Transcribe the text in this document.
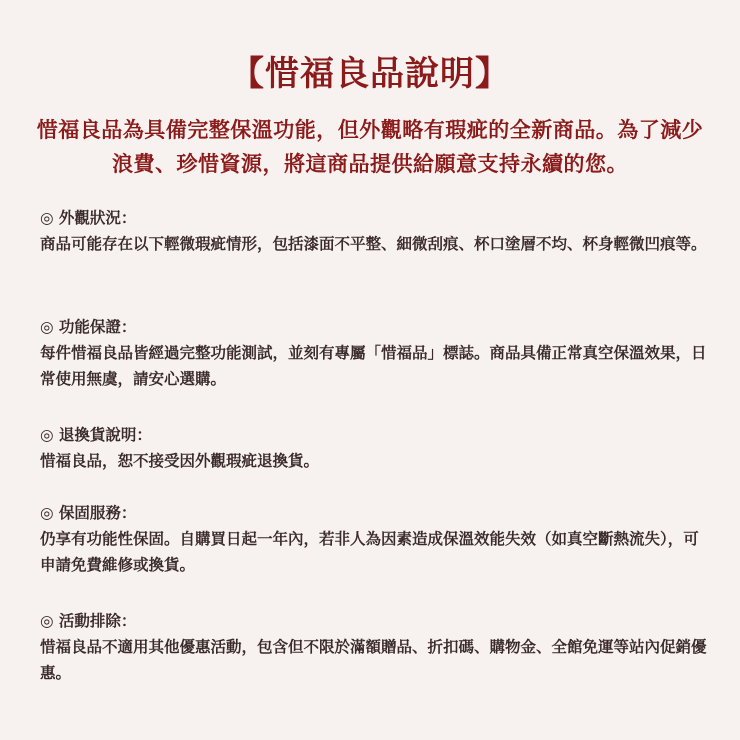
【惜福良品說明】
惜福良品為具備完整保溫功能，但外觀略有瑕疵的全新商品。為了減少浪費、珍惜資源，將這商品提供給願意支持永續的您。
◎ 外觀狀況：
商品可能存在以下輕微瑕疵情形，包括漆面不平整、細微刮痕、杯口塗層不均、杯身輕微凹痕等。
◎ 功能保證：
每件惜福良品皆經過完整功能測試，並刻有專屬「惜福品」標誌。商品具備正常真空保溫效果，日常使用無虞，請安心選購。
◎ 退換貨說明：
惜福良品，恕不接受因外觀瑕疵退換貨。
◎ 保固服務：
仍享有功能性保固。自購買日起一年內，若非人為因素造成保溫效能失效（如真空斷熱流失），可申請免費維修或換貨。
◎ 活動排除：
惜福良品不適用其他優惠活動，包含但不限於滿額贈品、折扣碼、購物金、全館免運等站內促銷優惠。
